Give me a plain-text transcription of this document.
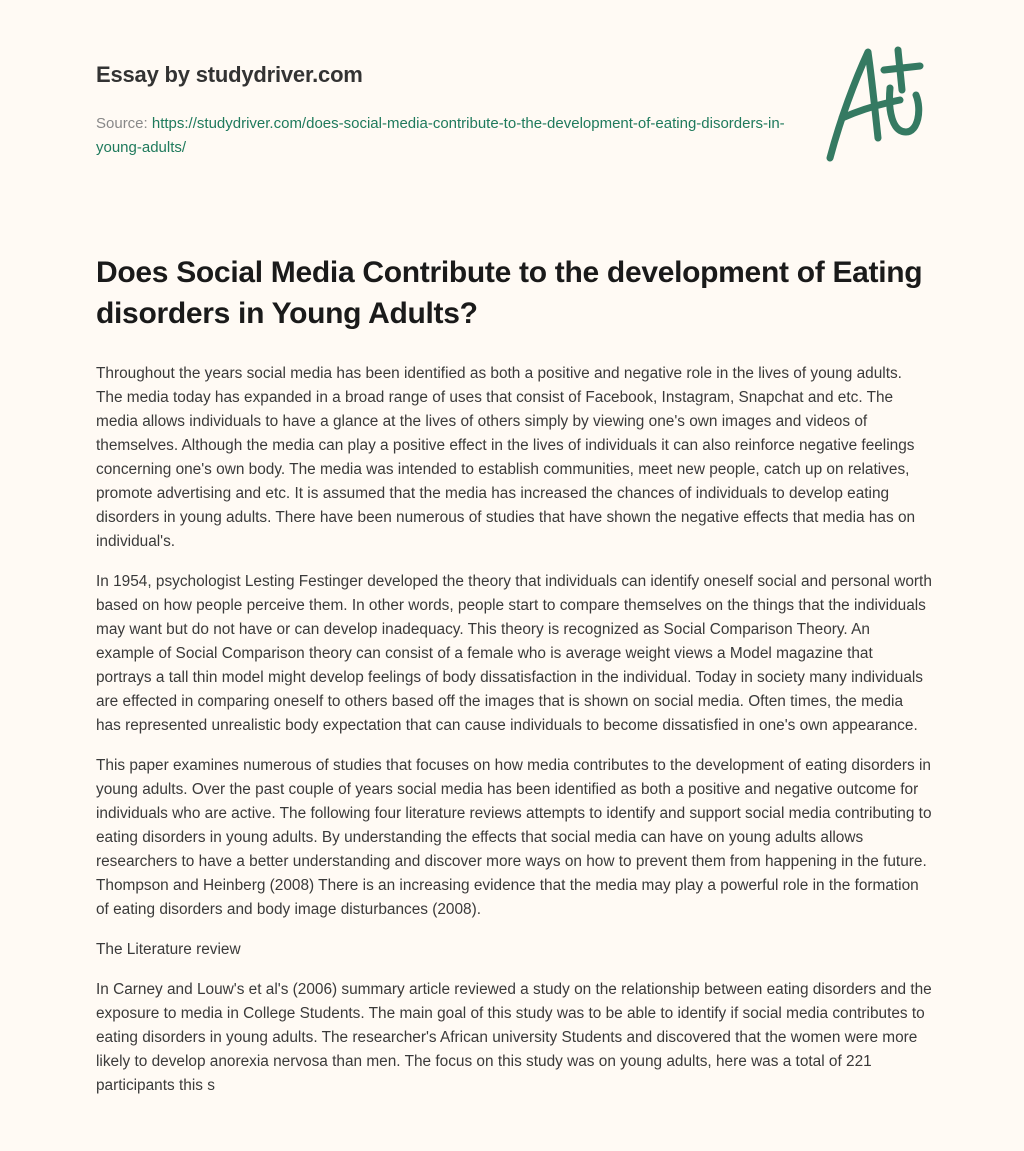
Essay by studydriver.com
Source: https://studydriver.com/does-social-media-contribute-to-the-development-of-eating-disorders-in-young-adults/
Does Social Media Contribute to the development of Eating disorders in Young Adults?

Throughout the years social media has been identified as both a positive and negative role in the lives of young adults. The media today has expanded in a broad range of uses that consist of Facebook, Instagram, Snapchat and etc. The media allows individuals to have a glance at the lives of others simply by viewing one's own images and videos of themselves. Although the media can play a positive effect in the lives of individuals it can also reinforce negative feelings concerning one's own body. The media was intended to establish communities, meet new people, catch up on relatives, promote advertising and etc. It is assumed that the media has increased the chances of individuals to develop eating disorders in young adults. There have been numerous of studies that have shown the negative effects that media has on individual's.

In 1954, psychologist Lesting Festinger developed the theory that individuals can identify oneself social and personal worth based on how people perceive them. In other words, people start to compare themselves on the things that the individuals may want but do not have or can develop inadequacy. This theory is recognized as Social Comparison Theory. An example of Social Comparison theory can consist of a female who is average weight views a Model magazine that portrays a tall thin model might develop feelings of body dissatisfaction in the individual. Today in society many individuals are effected in comparing oneself to others based off the images that is shown on social media. Often times, the media has represented unrealistic body expectation that can cause individuals to become dissatisfied in one's own appearance.

This paper examines numerous of studies that focuses on how media contributes to the development of eating disorders in young adults. Over the past couple of years social media has been identified as both a positive and negative outcome for individuals who are active. The following four literature reviews attempts to identify and support social media contributing to eating disorders in young adults. By understanding the effects that social media can have on young adults allows researchers to have a better understanding and discover more ways on how to prevent them from happening in the future. Thompson and Heinberg (2008) There is an increasing evidence that the media may play a powerful role in the formation of eating disorders and body image disturbances (2008).

The Literature review

In Carney and Louw's et al's (2006) summary article reviewed a study on the relationship between eating disorders and the exposure to media in College Students. The main goal of this study was to be able to identify if social media contributes to eating disorders in young adults. The researcher's African university Students and discovered that the women were more likely to develop anorexia nervosa than men. The focus on this study was on young adults, here was a total of 221 participants this s
